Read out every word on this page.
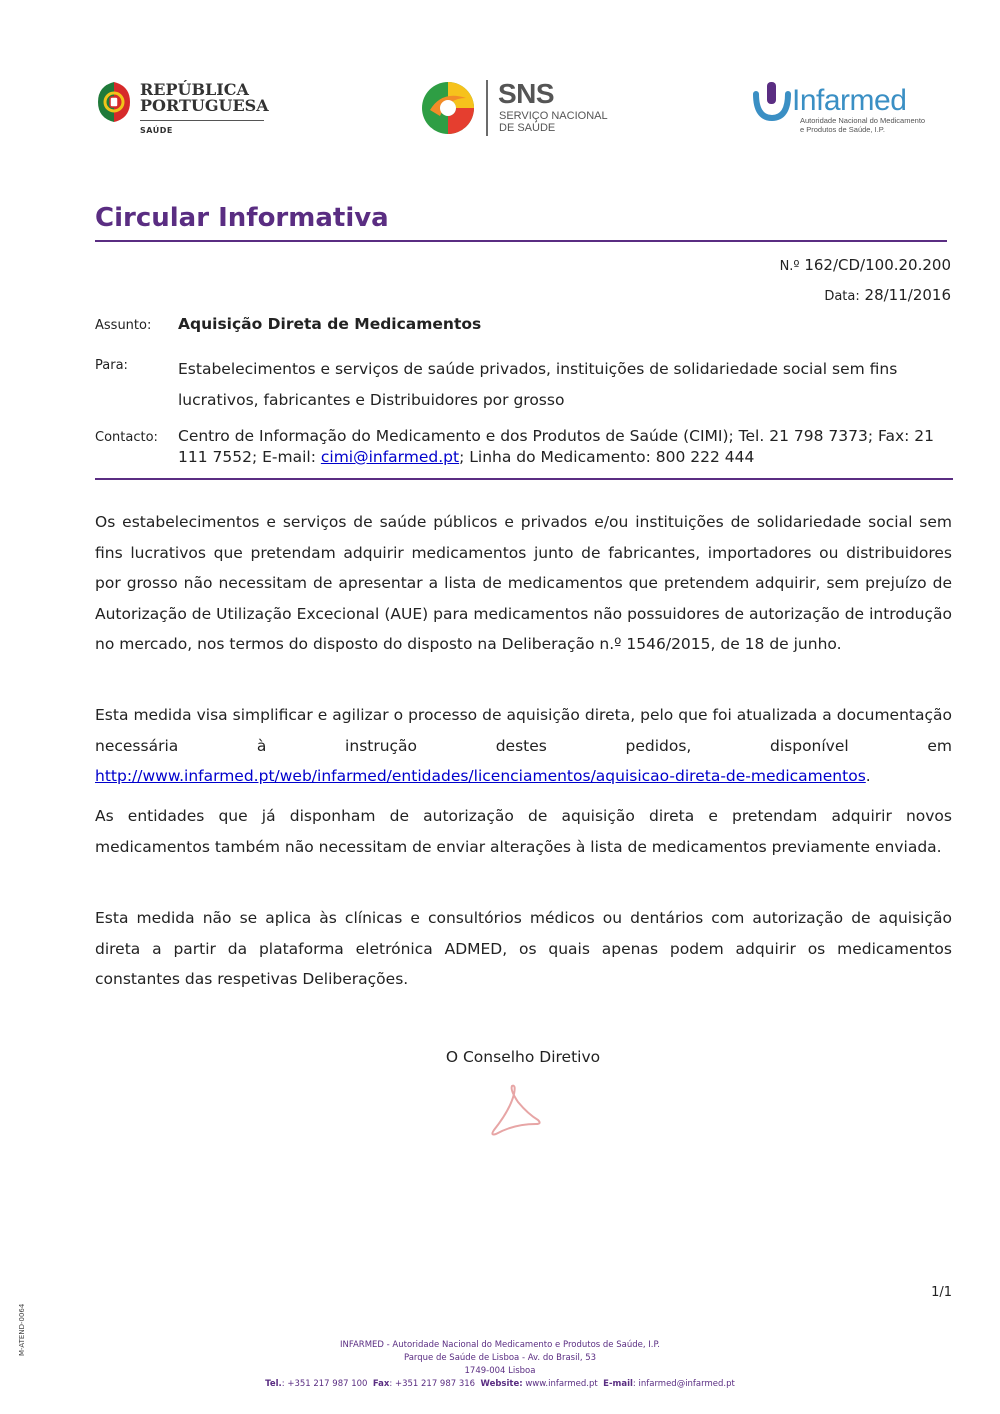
REPÚBLICA
PORTUGUESA
SAÚDE
SNS
SERVIÇO NACIONAL
DE SAÚDE
Infarmed
Autoridade Nacional do Medicamento
e Produtos de Saúde, I.P.
Circular Informativa
N.º 162/CD/100.20.200
Data: 28/11/2016
Assunto: Aquisição Direta de Medicamentos
Para:	Estabelecimentos e serviços de saúde privados, instituições de solidariedade social sem fins lucrativos, fabricantes e Distribuidores por grosso
Contacto: Centro de Informação do Medicamento e dos Produtos de Saúde (CIMI); Tel. 21 798 7373; Fax: 21 111 7552; E-mail: cimi@infarmed.pt; Linha do Medicamento: 800 222 444
Os estabelecimentos e serviços de saúde públicos e privados e/ou instituições de solidariedade social sem fins lucrativos que pretendam adquirir medicamentos junto de fabricantes, importadores ou distribuidores por grosso não necessitam de apresentar a lista de medicamentos que pretendem adquirir, sem prejuízo de Autorização de Utilização Excecional (AUE) para medicamentos não possuidores de autorização de introdução no mercado, nos termos do disposto do disposto na Deliberação n.º 1546/2015, de 18 de junho.
Esta medida visa simplificar e agilizar o processo de aquisição direta, pelo que foi atualizada a documentação necessária à instrução destes pedidos, disponível em http://www.infarmed.pt/web/infarmed/entidades/licenciamentos/aquisicao-direta-de-medicamentos.
As entidades que já disponham de autorização de aquisição direta e pretendam adquirir novos medicamentos também não necessitam de enviar alterações à lista de medicamentos previamente enviada.
Esta medida não se aplica às clínicas e consultórios médicos ou dentários com autorização de aquisição direta a partir da plataforma eletrónica ADMED, os quais apenas podem adquirir os medicamentos constantes das respetivas Deliberações.
O Conselho Diretivo
1/1
M-ATEND-0064	INFARMED - Autoridade Nacional do Medicamento e Produtos de Saúde, I.P.
Parque de Saúde de Lisboa - Av. do Brasil, 53
1749-004 Lisboa
Tel.: +351 217 987 100 Fax: +351 217 987 316 Website: www.infarmed.pt E-mail: infarmed@infarmed.pt
